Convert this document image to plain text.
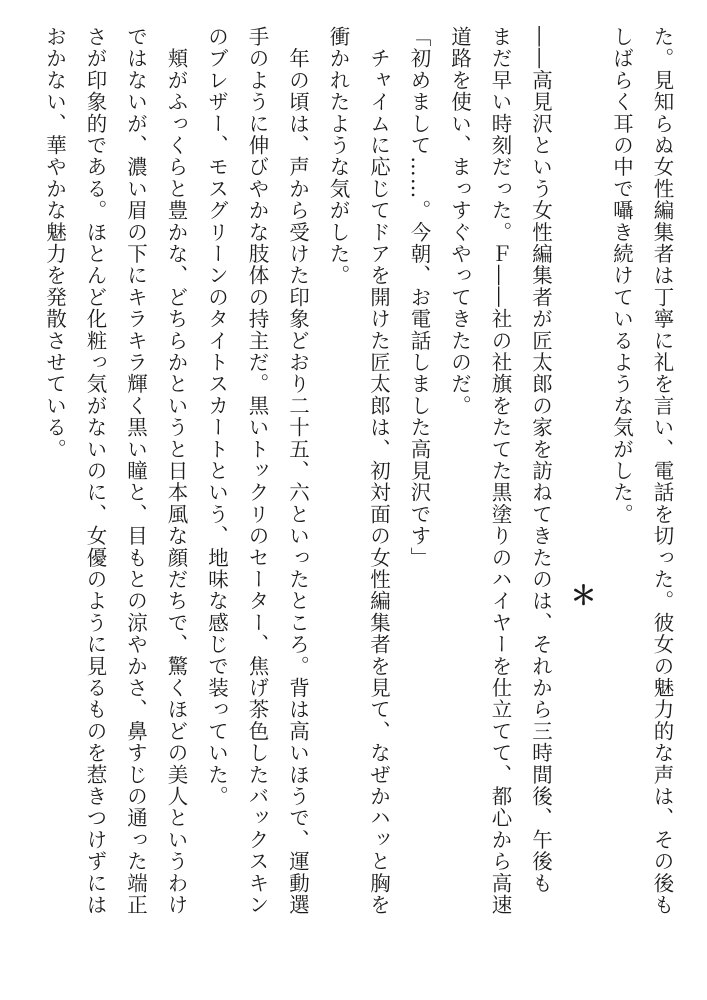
た。見知らぬ女性編集者は丁寧に礼を言い、電話を切った。彼女の魅力的な声は、その後も
しばらく耳の中で囁き続けているような気がした。
＊
――高見沢という女性編集者が匠太郎の家を訪ねてきたのは、それから三時間後、午後も
まだ早い時刻だった。Ｆ――社の社旗をたてた黒塗りのハイヤーを仕立てて、都心から高速
道路を使い、まっすぐやってきたのだ。
「初めまして……。今朝、お電話しました高見沢です」
　チャイムに応じてドアを開けた匠太郎は、初対面の女性編集者を見て、なぜかハッと胸を
衝かれたような気がした。
　年の頃は、声から受けた印象どおり二十五、六といったところ。背は高いほうで、運動選
手のように伸びやかな肢体の持主だ。黒いトックリのセーター、焦げ茶色したバックスキン
のブレザー、モスグリーンのタイトスカートという、地味な感じで装っていた。
　頬がふっくらと豊かな、どちらかというと日本風な顔だちで、驚くほどの美人というわけ
ではないが、濃い眉の下にキラキラ輝く黒い瞳と、目もとの涼やかさ、鼻すじの通った端正
さが印象的である。ほとんど化粧っ気がないのに、女優のように見るものを惹きつけずには
おかない、華やかな魅力を発散させている。
